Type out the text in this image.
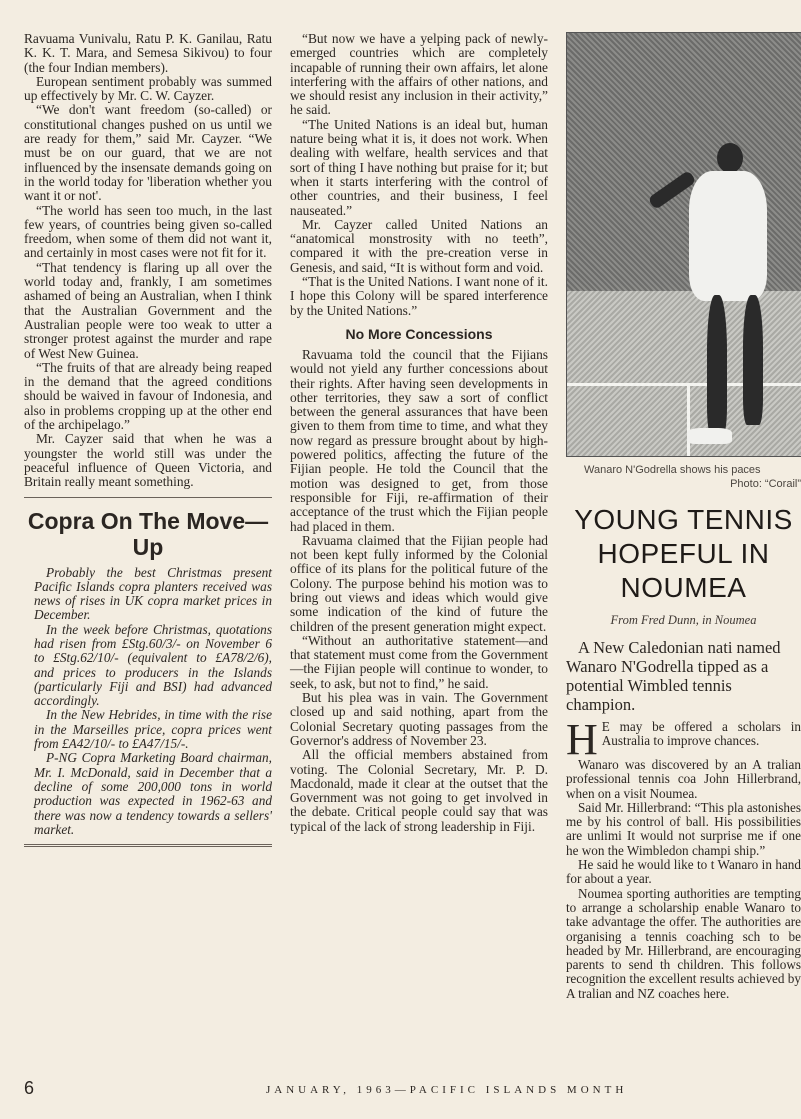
Ravuama Vunivalu, Ratu P. K. Ganilau, Ratu K. K. T. Mara, and Semesa Sikivou) to four (the four Indian members).

European sentiment probably was summed up effectively by Mr. C. W. Cayzer.

“We don't want freedom (so-called) or constitutional changes pushed on us until we are ready for them,” said Mr. Cayzer. “We must be on our guard, that we are not influenced by the insensate demands going on in the world today for 'liberation whether you want it or not'.

“The world has seen too much, in the last few years, of countries being given so-called freedom, when some of them did not want it, and certainly in most cases were not fit for it.

“That tendency is flaring up all over the world today and, frankly, I am sometimes ashamed of being an Australian, when I think that the Australian Government and the Australian people were too weak to utter a stronger protest against the murder and rape of West New Guinea.

“The fruits of that are already being reaped in the demand that the agreed conditions should be waived in favour of Indonesia, and also in problems cropping up at the other end of the archipelago.”

Mr. Cayzer said that when he was a youngster the world still was under the peaceful influence of Queen Victoria, and Britain really meant something.

Copra On The Move—Up

Probably the best Christmas present Pacific Islands copra planters received was news of rises in UK copra market prices in December.

In the week before Christmas, quotations had risen from £Stg.60/3/- on November 6 to £Stg.62/10/- (equivalent to £A78/2/6), and prices to producers in the Islands (particularly Fiji and BSI) had advanced accordingly.

In the New Hebrides, in time with the rise in the Marseilles price, copra prices went from £A42/10/- to £A47/15/-.

P-NG Copra Marketing Board chairman, Mr. I. McDonald, said in December that a decline of some 200,000 tons in world production was expected in 1962-63 and there was now a tendency towards a sellers' market.

“But now we have a yelping pack of newly-emerged countries which are completely incapable of running their own affairs, let alone interfering with the affairs of other nations, and we should resist any inclusion in their activity,” he said.

“The United Nations is an ideal but, human nature being what it is, it does not work. When dealing with welfare, health services and that sort of thing I have nothing but praise for it; but when it starts interfering with the control of other countries, and their business, I feel nauseated.”

Mr. Cayzer called United Nations an “anatomical monstrosity with no teeth”, compared it with the pre-creation verse in Genesis, and said, “It is without form and void.

“That is the United Nations. I want none of it. I hope this Colony will be spared interference by the United Nations.”

No More Concessions

Ravuama told the council that the Fijians would not yield any further concessions about their rights. After having seen developments in other territories, they saw a sort of conflict between the general assurances that have been given to them from time to time, and what they now regard as pressure brought about by high-powered politics, affecting the future of the Fijian people. He told the Council that the motion was designed to get, from those responsible for Fiji, re-affirmation of their acceptance of the trust which the Fijian people had placed in them.

Ravuama claimed that the Fijian people had not been kept fully informed by the Colonial office of its plans for the political future of the Colony. The purpose behind his motion was to bring out views and ideas which would give some indication of the kind of future the children of the present generation might expect.

“Without an authoritative statement—and that statement must come from the Government—the Fijian people will continue to wonder, to seek, to ask, but not to find,” he said.

But his plea was in vain. The Government closed up and said nothing, apart from the Colonial Secretary quoting passages from the Governor's address of November 23.

All the official members abstained from voting. The Colonial Secretary, Mr. P. D. Macdonald, made it clear at the outset that the Government was not going to get involved in the debate. Critical people could say that was typical of the lack of strong leadership in Fiji.

Wanaro N'Godrella shows his paces
Photo: “Corail”
YOUNG TENNIS HOPEFUL IN NOUMEA
From Fred Dunn, in Noumea

A New Caledonian nati named Wanaro N'Godrella tipped as a potential Wimbled tennis champion.

H E may be offered a scholars in Australia to improve chances.

Wanaro was discovered by an A tralian professional tennis coa John Hillerbrand, when on a visit Noumea.

Said Mr. Hillerbrand: “This pla astonishes me by his control of ball. His possibilities are unlimi It would not surprise me if one he won the Wimbledon champi ship.”

He said he would like to t Wanaro in hand for about a year.

Noumea sporting authorities are tempting to arrange a scholarship enable Wanaro to take advantage the offer. The authorities are organising a tennis coaching sch to be headed by Mr. Hillerbrand, are encouraging parents to send th children. This follows recognition the excellent results achieved by A tralian and NZ coaches here.

6	JANUARY, 1963—PACIFIC ISLANDS MONTH
